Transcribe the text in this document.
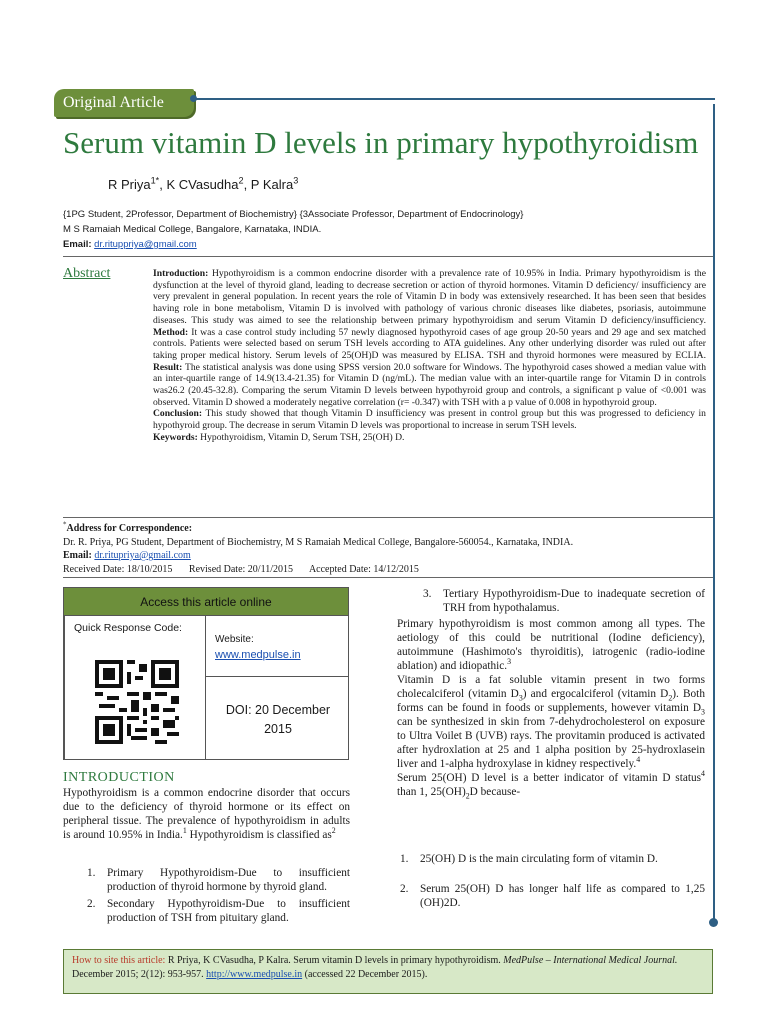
Original Article
Serum vitamin D levels in primary hypothyroidism
R Priya$^{1*}$, K CVasudha$^2$, P Kalra$^3$
{1PG Student, 2Professor, Department of Biochemistry} {3Associate Professor, Department of Endocrinology}
M S Ramaiah Medical College, Bangalore, Karnataka, INDIA.
Email: dr.rituppriya@gmail.com
Abstract	Introduction: Hypothyroidism is a common endocrine disorder with a prevalence rate of 10.95% in India. Primary hypothyroidism is the dysfunction at the level of thyroid gland, leading to decrease secretion or action of thyroid hormones. Vitamin D deficiency/ insufficiency are very prevalent in general population. In recent years the role of Vitamin D in body was extensively researched. It has been seen that besides having role in bone metabolism, Vitamin D is involved with pathology of various chronic diseases like diabetes, psoriasis, autoimmune diseases. This study was aimed to see the relationship between primary hypothyroidism and serum Vitamin D deficiency/insufficiency. Method: It was a case control study including 57 newly diagnosed hypothyroid cases of age group 20-50 years and 29 age and sex matched controls. Patients were selected based on serum TSH levels according to ATA guidelines. Any other underlying disorder was ruled out after taking proper medical history. Serum levels of 25(OH)D was measured by ELISA. TSH and thyroid hormones were measured by ECLIA. Result: The statistical analysis was done using SPSS version 20.0 software for Windows. The hypothyroid cases showed a median value with an inter-quartile range of 14.9(13.4-21.35) for Vitamin D (ng/mL). The median value with an inter-quartile range for Vitamin D in controls was26.2 (20.45-32.8). Comparing the serum Vitamin D levels between hypothyroid group and controls, a significant p value of <0.001 was observed. Vitamin D showed a moderately negative correlation (r= -0.347) with TSH with a p value of 0.008 in hypothyroid group.
Conclusion: This study showed that though Vitamin D insufficiency was present in control group but this was progressed to deficiency in hypothyroid group. The decrease in serum Vitamin D levels was proportional to increase in serum TSH levels.
Keywords: Hypothyroidism, Vitamin D, Serum TSH, 25(OH) D.
*Address for Correspondence:
Dr. R. Priya, PG Student, Department of Biochemistry, M S Ramaiah Medical College, Bangalore-560054., Karnataka, INDIA.
Email: dr.ritupriya@gmail.com
Received Date: 18/10/2015 Revised Date: 20/11/2015 Accepted Date: 14/12/2015
Access this article online
Quick Response Code:
Website:
www.medpulse.in
DOI: 20 December 2015
INTRODUCTION
Hypothyroidism is a common endocrine disorder that occurs due to the deficiency of thyroid hormone or its effect on peripheral tissue. The prevalence of hypothyroidism in adults is around 10.95% in India.$^1$ Hypothyroidism is classified $as^2$
1. Primary Hypothyroidism-Due to insufficient production of thyroid hormone by thyroid gland.
2. Secondary Hypothyroidism-Due to insufficient production of TSH from pituitary gland.
3. Tertiary Hypothyroidism-Due to inadequate secretion of TRH from hypothalamus.
Primary hypothyroidism is most common among all types. The aetiology of this could be nutritional (Iodine deficiency), autoimmune (Hashimoto's thyroiditis), iatrogenic (radio-iodine ablation) and idiopathic.$^3$
Vitamin D is a fat soluble vitamin present in two forms cholecalciferol (vitamin $D_3$) and ergocalciferol (vitamin $D_2$). Both forms can be found in foods or supplements, however vitamin $D_3$ can be synthesized in skin from 7-dehydrocholesterol on exposure to Ultra Voilet B (UVB) rays. The provitamin produced is activated after hydroxlation at 25 and 1 alpha position by 25-hydroxlasein liver and 1-alpha hydroxylase in kidney respectively.$^4$
Serum 25(OH) D level is a better indicator of vitamin D status$^4$ than 1, $25(OH)_2D$ because-
1. 25(OH) D is the main circulating form of vitamin D.
2. Serum 25(OH) D has longer half life as compared to 1,25 (OH)2D.
How to site this article: R Priya, K CVasudha, P Kalra. Serum vitamin D levels in primary hypothyroidism. MedPulse – International Medical Journal. December 2015; 2(12): 953-957. http://www.medpulse.in (accessed 22 December 2015).
